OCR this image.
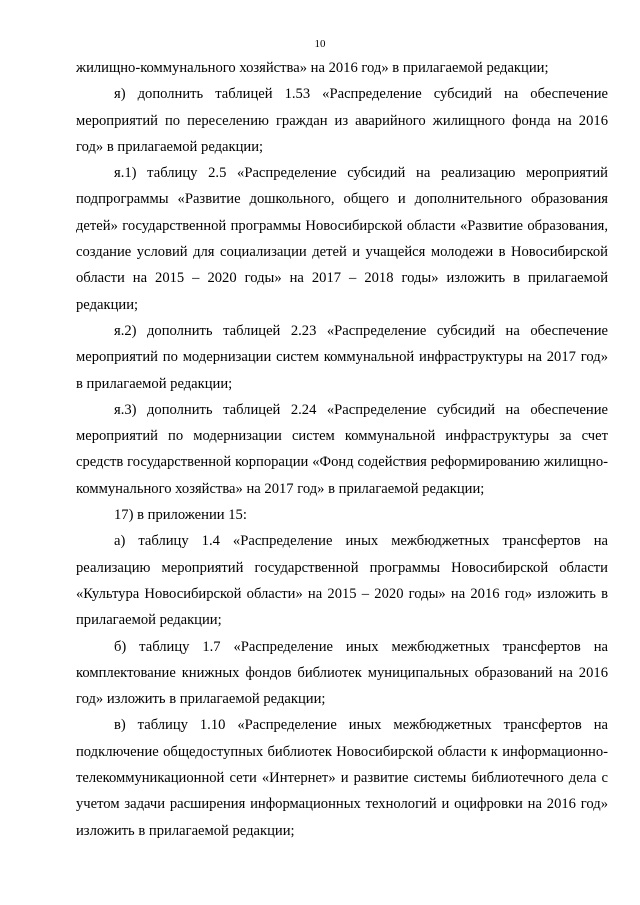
10

жилищно-коммунального хозяйства» на 2016 год» в прилагаемой редакции;

я) дополнить таблицей 1.53 «Распределение субсидий на обеспечение мероприятий по переселению граждан из аварийного жилищного фонда на 2016 год» в прилагаемой редакции;

я.1) таблицу 2.5 «Распределение субсидий на реализацию мероприятий подпрограммы «Развитие дошкольного, общего и дополнительного образования детей» государственной программы Новосибирской области «Развитие образования, создание условий для социализации детей и учащейся молодежи в Новосибирской области на 2015 – 2020 годы» на 2017 – 2018 годы» изложить в прилагаемой редакции;

я.2) дополнить таблицей 2.23 «Распределение субсидий на обеспечение мероприятий по модернизации систем коммунальной инфраструктуры на 2017 год» в прилагаемой редакции;

я.3) дополнить таблицей 2.24 «Распределение субсидий на обеспечение мероприятий по модернизации систем коммунальной инфраструктуры за счет средств государственной корпорации «Фонд содействия реформированию жилищно-коммунального хозяйства» на 2017 год» в прилагаемой редакции;

17) в приложении 15:

а) таблицу 1.4 «Распределение иных межбюджетных трансфертов на реализацию мероприятий государственной программы Новосибирской области «Культура Новосибирской области» на 2015 – 2020 годы» на 2016 год» изложить в прилагаемой редакции;

б) таблицу 1.7 «Распределение иных межбюджетных трансфертов на комплектование книжных фондов библиотек муниципальных образований на 2016 год» изложить в прилагаемой редакции;

в) таблицу 1.10 «Распределение иных межбюджетных трансфертов на подключение общедоступных библиотек Новосибирской области к информационно-телекоммуникационной сети «Интернет» и развитие системы библиотечного дела с учетом задачи расширения информационных технологий и оцифровки на 2016 год» изложить в прилагаемой редакции;
